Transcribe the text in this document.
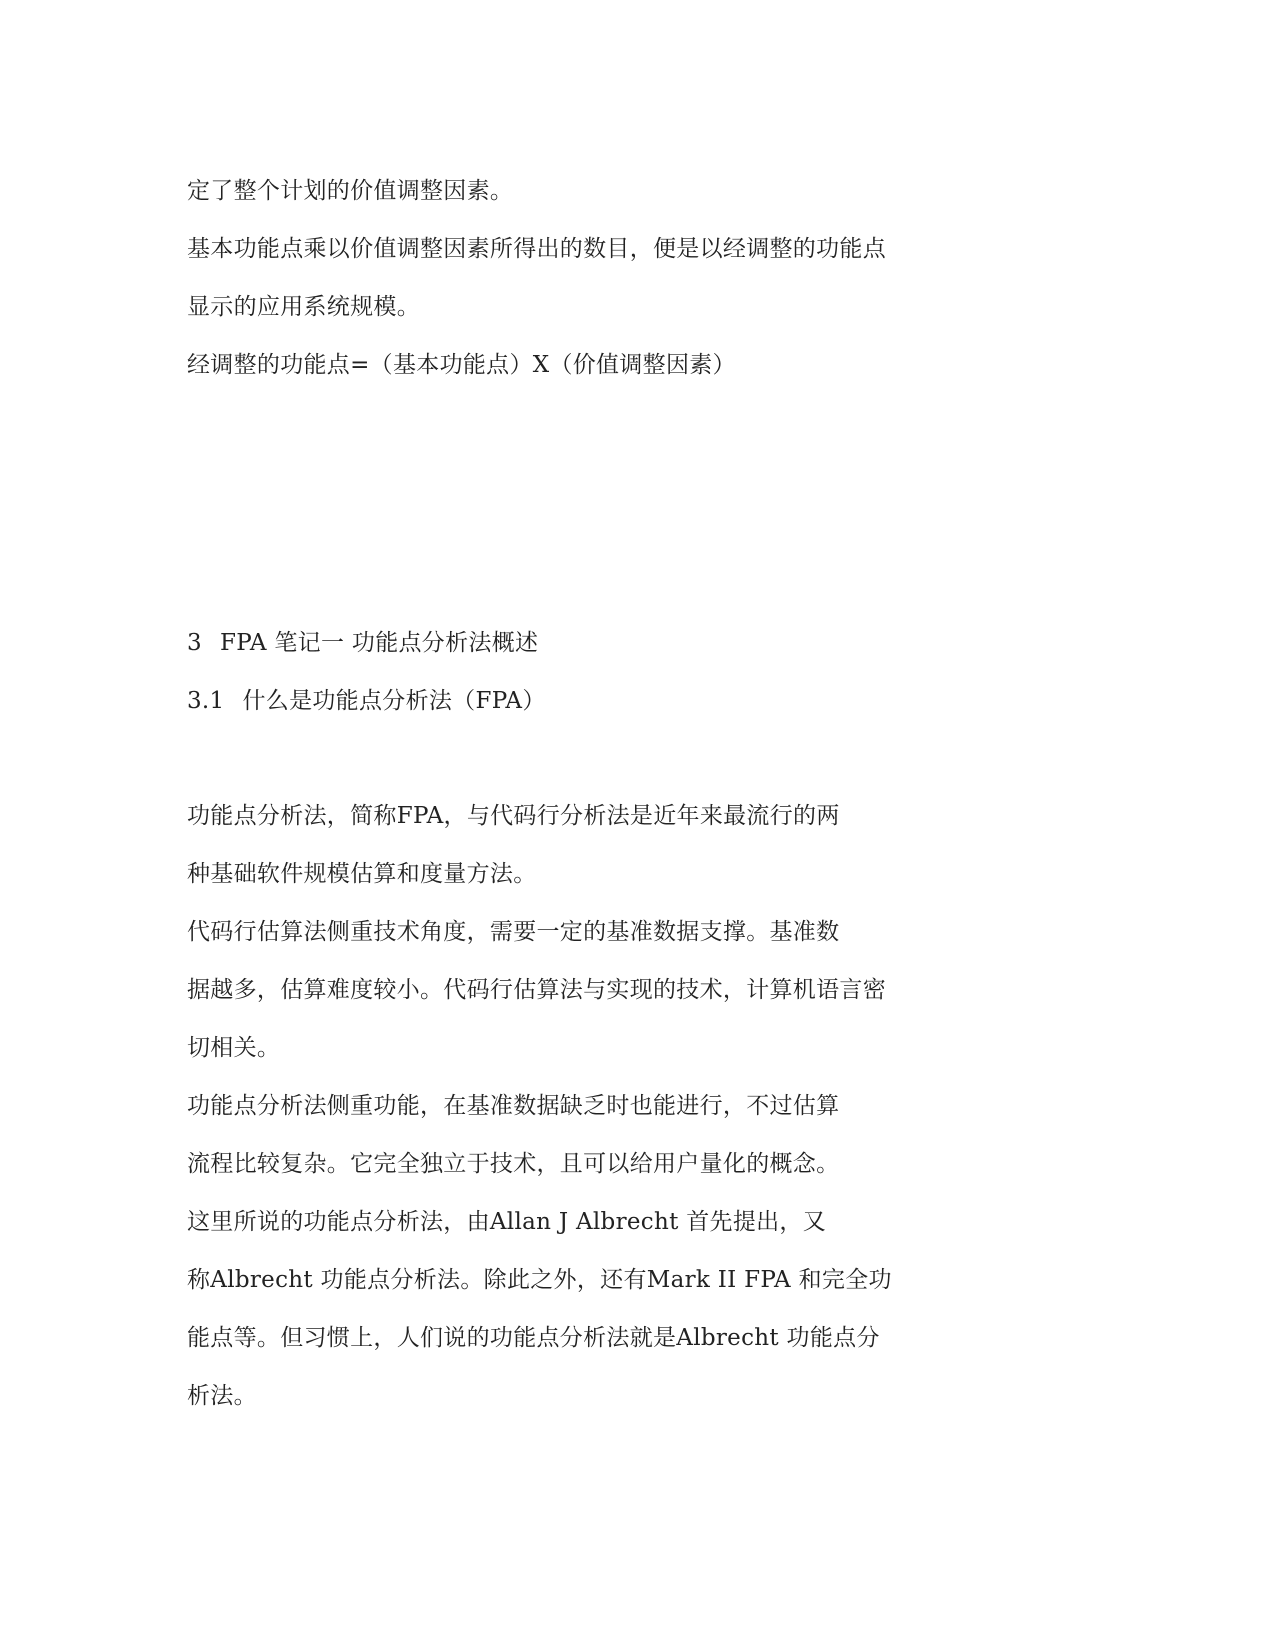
定了整个计划的价值调整因素。
基本功能点乘以价值调整因素所得出的数目，便是以经调整的功能点
显示的应用系统规模。
经调整的功能点=（基本功能点）X（价值调整因素）
3 FPA 笔记一 功能点分析法概述
3.1 什么是功能点分析法（FPA）
功能点分析法，简称FPA，与代码行分析法是近年来最流行的两
种基础软件规模估算和度量方法。
代码行估算法侧重技术角度，需要一定的基准数据支撑。基准数
据越多，估算难度较小。代码行估算法与实现的技术，计算机语言密
切相关。
功能点分析法侧重功能，在基准数据缺乏时也能进行，不过估算
流程比较复杂。它完全独立于技术，且可以给用户量化的概念。
这里所说的功能点分析法，由Allan J Albrecht 首先提出，又
称Albrecht 功能点分析法。除此之外，还有Mark II FPA 和完全功
能点等。但习惯上，人们说的功能点分析法就是Albrecht 功能点分
析法。
